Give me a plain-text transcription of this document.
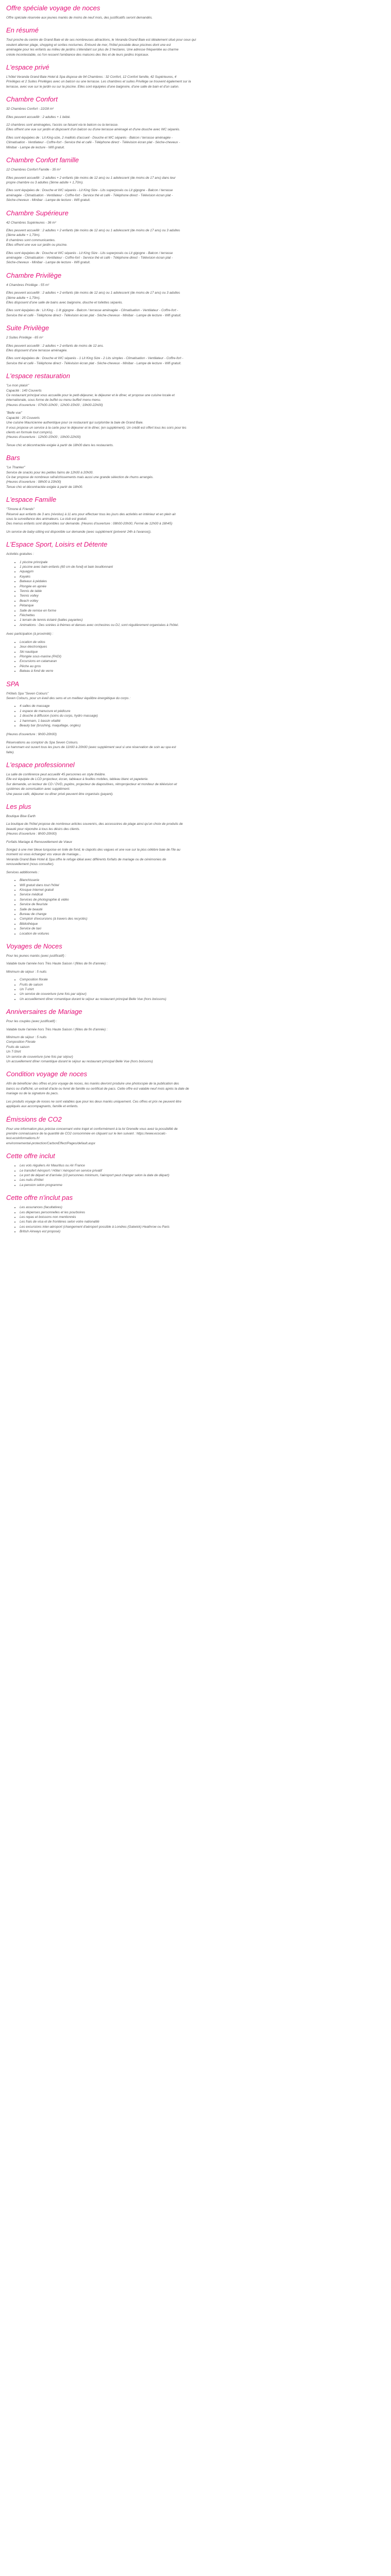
Offre spéciale voyage de noces

Offre spéciale réservée aux jeunes mariés de moins de neuf mois, des justificatifs seront demandés.

En résumé

Tout proche du centre de Grand Baie et de ses nombreuses attractions, le Veranda Grand Baie est idéalement situé pour ceux qui
veulent alterner plage, shopping et sorties nocturnes. Entouré de mer, l'hôtel possède deux piscines dont une est
aménagée pour les enfants au milieu de jardins s'étendant sur plus de 3 hectares. Une adresse fréquentée au charme
créole incontestable, où l'on ressent l'ambiance des maisons des îles et de leurs jardins tropicaux.

L'espace privé

L'hôtel Veranda Grand Baie Hotel & Spa dispose de 94 Chambres : 32 Confort, 12 Confort famille, 42 Supérieures, 4
Privilèges et 2 Suites Privilèges avec un balcon ou une terrasse. Les chambres et suites Privilège se trouvent également sur la
terrasse, avec vue sur le jardin ou sur la piscine. Elles sont équipées d'une baignoire, d'une salle de bain et d'un salon.

Chambre Confort

32 Chambres Confort - 22/28 m²

Elles peuvent accueillir : 2 adultes + 1 bébé.

12 chambres sont aménagées, l'accès se faisant via le balcon ou la terrasse.
Elles offrent une vue sur jardin et disposent d'un balcon ou d'une terrasse aménagé et d'une douche avec WC séparés.

Elles sont équipées de : Lit King-size, 2 maillots d'accueil - Douche et WC séparés - Balcon / terrasse aménagée -
Climatisation - Ventilateur - Coffre-fort - Service thé et café - Téléphone direct - Télévision écran plat - Sèche-cheveux -
Minibar - Lampe de lecture - Wifi gratuit.

Chambre Confort famille

12 Chambres Confort Famille - 35 m²

Elles peuvent accueillir : 2 adultes + 2 enfants (de moins de 12 ans) ou 1 adolescent (de moins de 17 ans) dans leur
propre chambre ou 3 adultes (3ème adulte + 1,70m).

Elles sont équipées de : Douche et WC séparés - Lit King Size - Lits superposés ou Lit gigogne - Balcon / terrasse
aménagée - Climatisation - Ventilateur - Coffre-fort - Service thé et café - Téléphone direct - Télévision écran plat -
Sèche-cheveux - Minibar - Lampe de lecture - Wifi gratuit.

Chambre Supérieure

42 Chambres Supérieures - 36 m²

Elles peuvent accueillir : 2 adultes + 2 enfants (de moins de 12 ans) ou 1 adolescent (de moins de 17 ans) ou 3 adultes
(3ème adulte + 1,70m).
8 chambres sont communicantes.
Elles offrent une vue sur jardin ou piscine.

Elles sont équipées de : Douche et WC séparés - Lit King Size - Lits superposés ou Lit gigogne - Balcon / terrasse
aménagée - Climatisation - Ventilateur - Coffre-fort - Service thé et café - Téléphone direct - Télévision écran plat -
Sèche-cheveux - Minibar - Lampe de lecture - Wifi gratuit.

Chambre Privilège

4 Chambres Privilège - 55 m²

Elles peuvent accueillir : 2 adultes + 2 enfants (de moins de 12 ans) ou 1 adolescent (de moins de 17 ans) ou 3 adultes
(3ème adulte + 1,70m).
Elles disposent d'une salle de bains avec baignoire, douche et toilettes séparés.

Elles sont équipées de : Lit King - 1 lit gigogne - Balcon / terrasse aménagée - Climatisation - Ventilateur - Coffre-fort -
Service thé et café - Téléphone direct - Télévision écran plat - Sèche-cheveux - Minibar - Lampe de lecture - Wifi gratuit.

Suite Privilège

2 Suites Privilège - 65 m²

Elles peuvent accueillir : 2 adultes + 2 enfants de moins de 12 ans.
Elles disposent d'une terrasse aménagée.

Elles sont équipées de : Douche et WC séparés - 1 Lit King Size - 2 Lits simples - Climatisation - Ventilateur - Coffre-fort -
Service thé et café - Téléphone direct - Télévision écran plat - Sèche-cheveux - Minibar - Lampe de lecture - Wifi gratuit.

L'espace restauration

"Le mon plaisir"
Capacité : 140 Couverts
Ce restaurant principal vous accueille pour le petit-déjeuner, le déjeuner et le dîner, et propose une cuisine locale et
internationale, sous forme de buffet ou menu buffet/ menu menu.
(Heures d'ouverture : 07h00-10h00 ; 12h00-15h00 ; 19h00-22h00)

"Belle vue"
Capacité : 25 Couverts
Une cuisine Mauricienne authentique pour ce restaurant qui surplombe la baie de Grand Baie.
Il vous propose un service à la carte pour le déjeuner et le dîner, (en supplément). Un crédit est offert tous les soirs pour les
clients en formule tout compris).
(Heures d'ouverture : 12h00-15h00 ; 19h00-22h00)

Tenue chic et décontractée exigée à partir de 18h00 dans les restaurants.

Bars

"Le Thanker"
Service de snacks pour les petites faims de 12h00 à 20h00.
Ce bar propose de nombreux rafraîchissements mais aussi une grande sélection de rhums arrangés.
(Heures d'ouverture : 08h00 à 23h00)
Tenue chic et décontractée exigée à partir de 18h00.

L'espace Famille

"Timone & Friends"
Réservé aux enfants de 3 ans (révolus) à 11 ans pour effectuer tous les jours des activités en intérieur et en plein air
sous la surveillance des animateurs. La club est gratuit.
Des menus enfants sont disponibles sur demande. (Heures d'ouverture : 08h00-20h00, Fermé de 12h00 à 18h45)

Un service de baby-sitting est disponible sur demande (avec supplément (prévenir 24h à l'avance)).

L'Espace Sport, Loisirs et Détente

Activités gratuites :

• 1 piscine principale
• 1 piscine avec bain enfants (60 cm de fond) et bain bouillonnant
• Aquagym
• Kayaks
• Bateaux à pédales
• Plongée en apnée
• Tennis de table
• Tennis volley
• Beach volley
• Pétanque
• Salle de remise en forme
• Fléchettes
• 1 terrain de tennis éclairé (balles payantes)
• Animations : Des soirées à thèmes et danses avec orchestres ou DJ, sont régulièrement organisées à l'hôtel.

Avec participation (à proximité) :

• Location de vélos
• Jeux électroniques
• Ski nautique
• Plongée sous-marine (PADI)
• Excursions en catamaran
• Pêche au gros
• Bateau à fond de verre
SPA

l'Hôtels Spa "Seven Colours"
Seven Colours, pour un éveil des sens et un meilleur équilibre énergétique du corps :

• 4 salles de massage
• 1 espace de manucure et pédicure
• 1 douche à diffusion (soins du corps, hydro massage)
• 1 hammam, 1 bassin vitalité
• Beauty bar (brushing, maquillage, ongles)

(Heures d'ouverture : 9h00-20h00)

Réservations au comptoir du Spa Seven Colours.
Le hammam est ouvert tous les jours de 11h00 à 20h00 (avec supplément seul si une réservation de soin au spa est
faite).

L'espace professionnel

La salle de conférence peut accueillir 45 personnes en style théâtre.
Elle est équipée de LCD projecteur, écran, tableaux à feuilles mobiles, tableau blanc et papeterie.
Sur demande, un lecteur de CD / DVD, pupitre, projecteur de diapositives, rétroprojecteur et moniteur de télévision et
systèmes de sonorisation avec supplément.
Une pause café, déjeuner ou dîner privé peuvent être organisés (payant).

Les plus

Boutique Blue Earth

La boutique de l'hôtel propose de nombreux articles souvenirs, des accessoires de plage ainsi qu'un choix de produits de
beauté pour répondre à tous les désirs des clients.
(Heures d'ouverture : 8h00-20h00)

Forfaits Mariage & Renouvellement de Vœux

Songez à une mer bleue turquoise en toile de fond, le clapotis des vagues et une vue sur la plus célèbre baie de l'île au
moment où vous échangez vos vœux de mariage...
Veranda Grand Baie Hotel & Spa offre le refuge idéal avec différents forfaits de mariage ou de cérémonies de
renouvellement (nous consulter).

Services additionnels :

• Blanchisserie
• Wifi gratuit dans tout l'hôtel
• Kiosque Internet gratuit
• Service médical
• Services de photographie & vidéo
• Service de fleuriste
• Salle de beauté
• Bureau de change
• Comptoir d'excursions (à travers des recyclés)
• Bibliothèque
• Service de taxi
• Location de voitures
Voyages de Noces

Pour les jeunes mariés (avec justificatif) :

Valable toute l'année hors Très Haute Saison / (fêtes de fin d'année) :

Minimum de séjour : 5 nuits

• Composition florale
• Fruits de saison
• Un T-shirt
• Un service de couverture (une fois par séjour)
• Un accueillement dîner romantique durant le séjour au restaurant principal Belle Vue (hors boissons)
Anniversaires de Mariage

Pour les couples (avec justificatif) :

Valable toute l'année hors Très Haute Saison / (fêtes de fin d'année) :

Minimum de séjour : 5 nuits
Composition Florale
Fruits de saison
Un T-Shirt
Un service de couverture (une fois par séjour)
Un accueillement dîner romantique durant le séjour au restaurant principal Belle Vue (hors boissons)

Condition voyage de noces

Afin de bénéficier des offres et prix voyage de noces, les mariés devront produire une photocopie de la publication des
bancs ou d'affiché, un extrait d'acte ou livret de famille ou certificat de pacs. Cette offre est valable neuf mois après la date de
mariage ou de la signature du pacs.

Les produits voyage de noces ne sont valables que pour les deux mariés uniquement. Ces offres et prix ne peuvent être
appliqués aux accompagnants, famille et enfants.

Émissions de CO2

Pour une information plus précise concernant votre trajet et conformément à la loi Grenelle vous avez la possibilité de
prendre connaissance de la quantité de CO2 consommée en cliquant sur le lien suivant : https://www.ecocalc-
test.ecoinformations.fr/
environnemental-protection/CarbonEffect/Pages/default.aspx

Cette offre inclut
• Les vols réguliers Air Mauritius ou Air France
• Le transfert Aéroport / Hôtel / Aéroport en service privatif
• Le port de départ et d'arrivée (10 personnes minimum, l'aéroport peut changer selon la date de départ)
• Les nuits d'hôtel
• La pension selon programme
Cette offre n'inclut pas
• Les assurances (facultatives)
• Les dépenses personnelles et les pourboires
• Les repas et boissons non mentionnés
• Les frais de visa et de frontières selon votre nationalité
• Les excursions inter-aéroport (changement d'aéroport possible à Londres (Gatwick) Heathrow ou Paris
• British Airways est proposé)
